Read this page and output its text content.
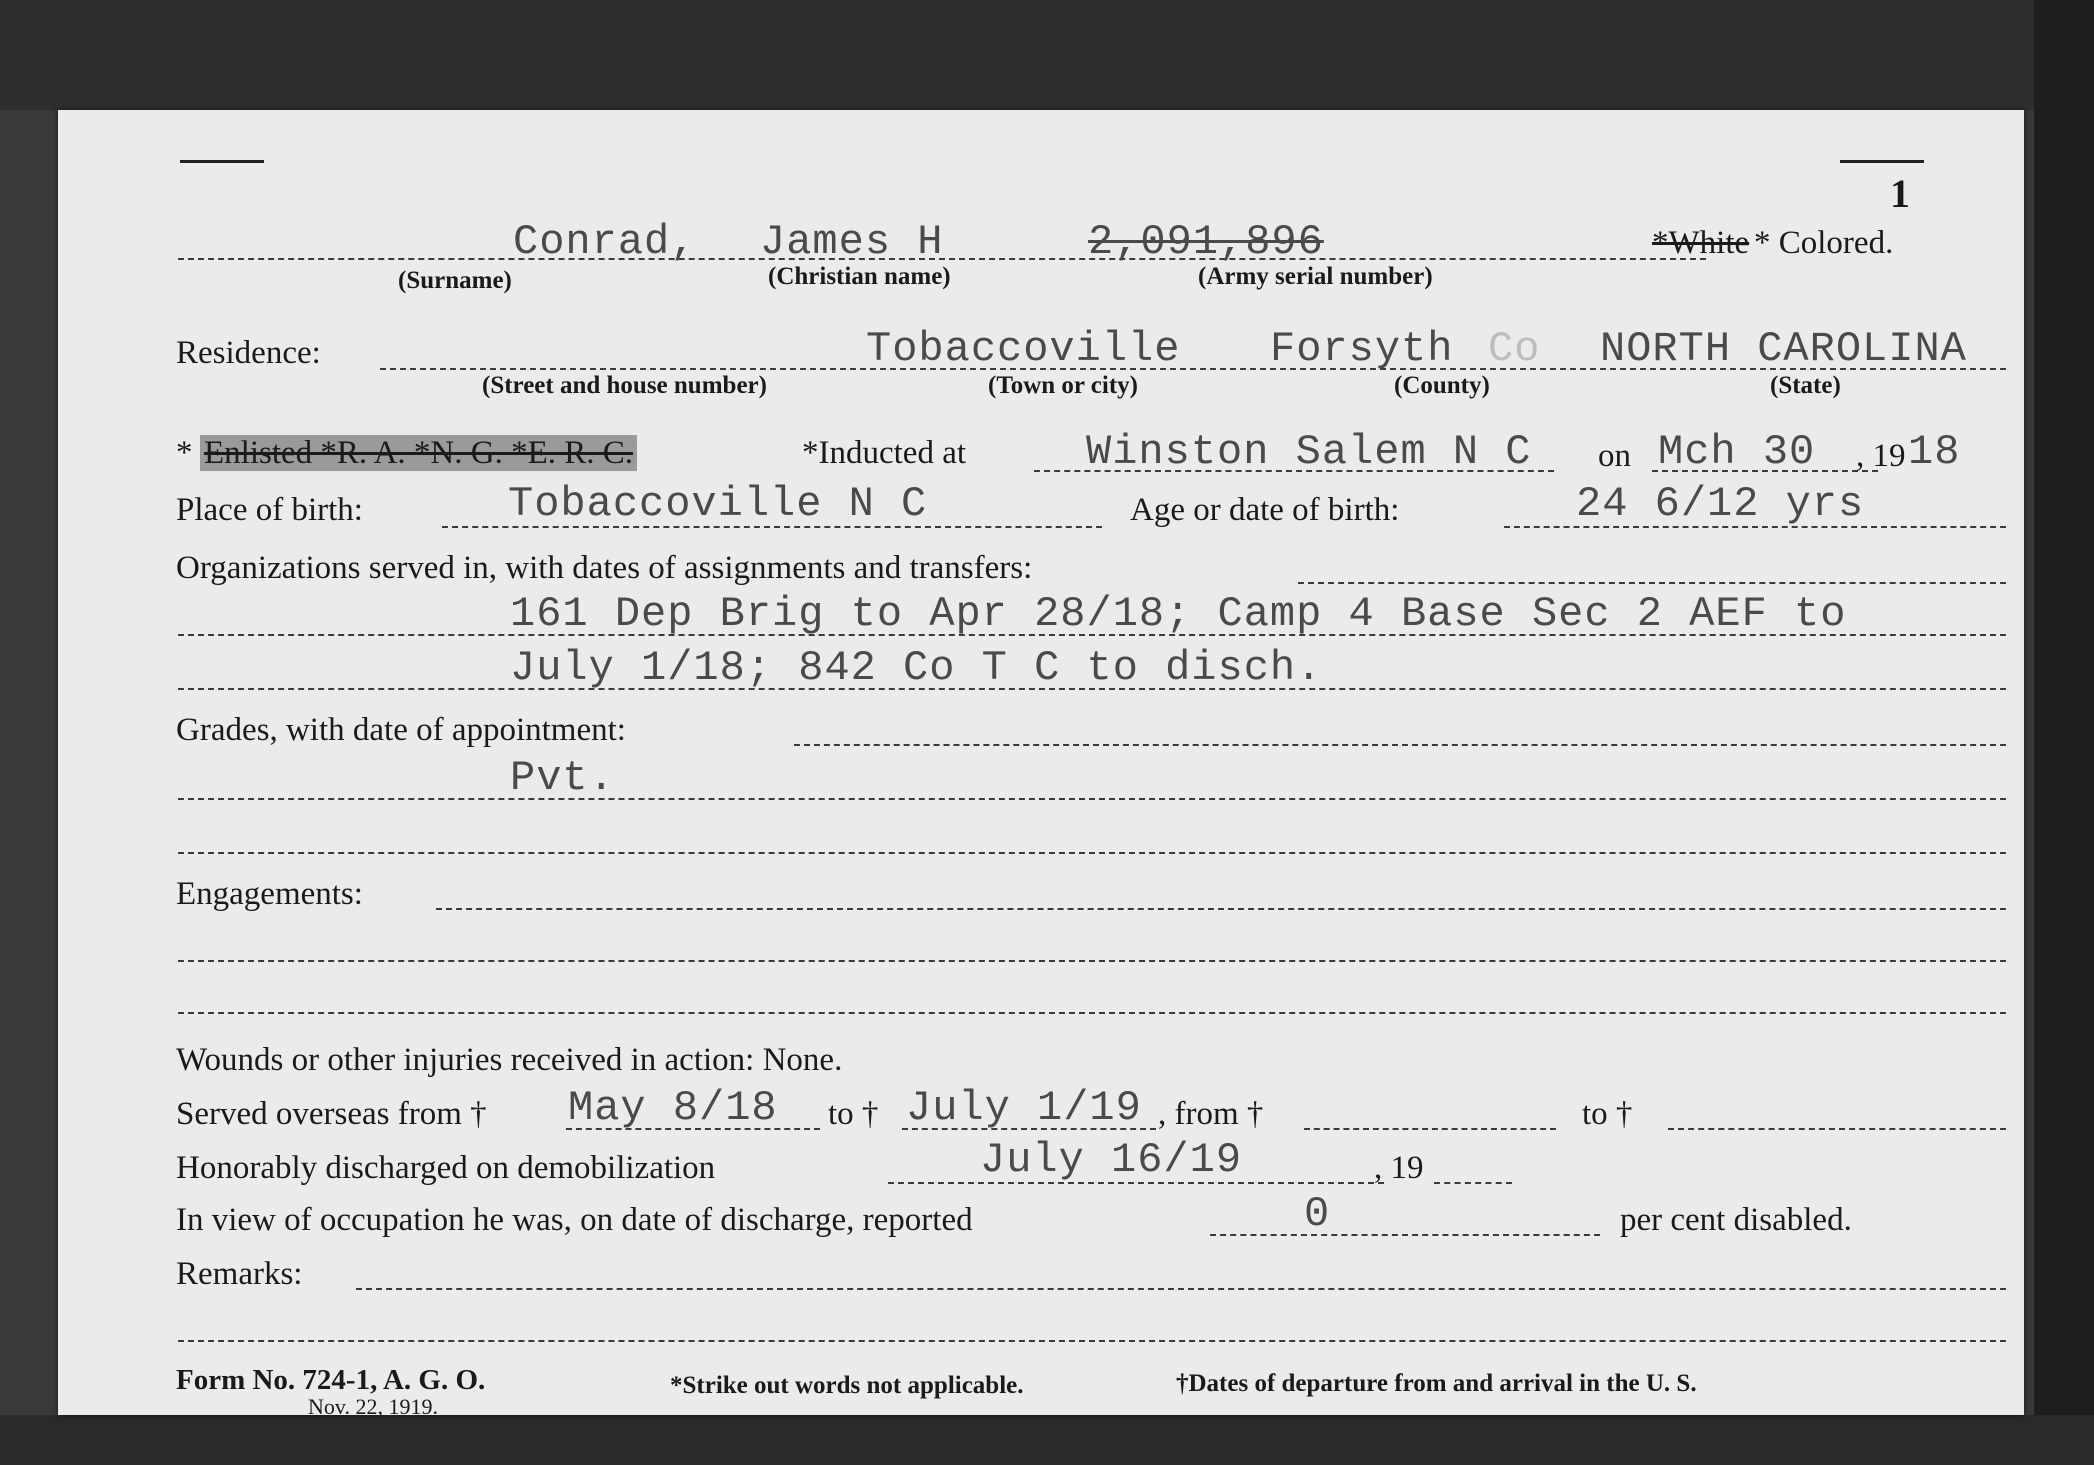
1
Conrad, James H	2,091,896	*White * Colored.
(Surname)	(Christian name)	(Army serial number)
Residence:	Tobaccoville Forsyth Co NORTH CAROLINA
(Street and house number)	(Town or city)	(County)	(State)
* Enlisted *R. A. *N. G. *E. R. C.	*Inducted at	Winston Salem N C on Mch 30 , 19 18
Place of birth:	Tobaccoville N C	Age or date of birth:	24 6/12 yrs
Organizations served in, with dates of assignments and transfers:
161 Dep Brig to Apr 28/18; Camp 4 Base Sec 2 AEF to
July 1/18; 842 Co T C to disch.
Grades, with date of appointment:
Pvt.
Engagements:
Wounds or other injuries received in action: None.
Served overseas from † May 8/18 to † July 1/19 , from †	to †
Honorably discharged on demobilization	July 16/19	, 19
In view of occupation he was, on date of discharge, reported	0	per cent disabled.
Remarks:
Form No. 724-1, A. G. O.
Nov. 22, 1919.
*Strike out words not applicable.	†Dates of departure from and arrival in the U. S.
